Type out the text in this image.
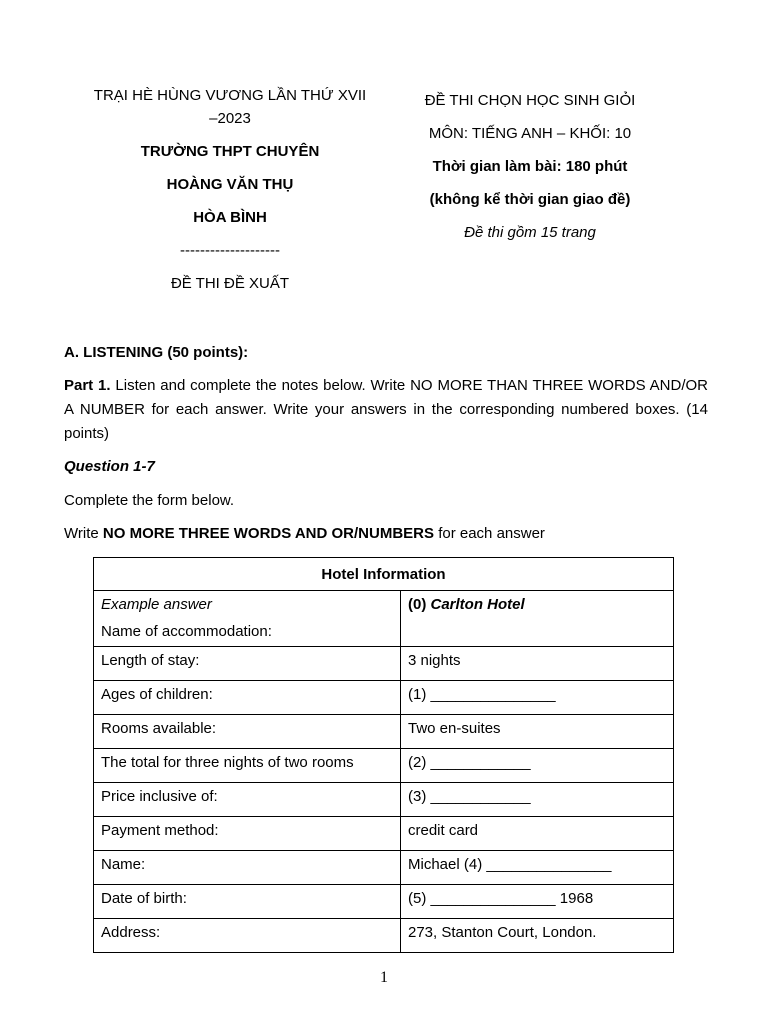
TRẠI HÈ HÙNG VƯƠNG LẦN THỨ XVII
–2023
TRƯỜNG THPT CHUYÊN
HOÀNG VĂN THỤ
HÒA BÌNH
--------------------
ĐỀ THI ĐỀ XUẤT
ĐỀ THI CHỌN HỌC SINH GIỎI
MÔN: TIẾNG ANH – KHỐI: 10
Thời gian làm bài: 180 phút
(không kể thời gian giao đề)
Đề thi gồm 15 trang
A. LISTENING (50 points):
Part 1. Listen and complete the notes below. Write NO MORE THAN THREE WORDS AND/OR A NUMBER for each answer. Write your answers in the corresponding numbered boxes. (14 points)
Question 1-7
Complete the form below.
Write NO MORE THREE WORDS AND OR/NUMBERS for each answer
Hotel Information	

Example answer
Name of accommodation:	(0) Carlton Hotel
Length of stay:	3 nights
Ages of children:	(1) _______________
Rooms available:	Two en-suites
The total for three nights of two rooms	(2) ____________
Price inclusive of:	(3) ____________
Payment method:	credit card
Name:	Michael (4) _______________
Date of birth:	(5) _______________ 1968
Address:	273, Stanton Court, London.
1
